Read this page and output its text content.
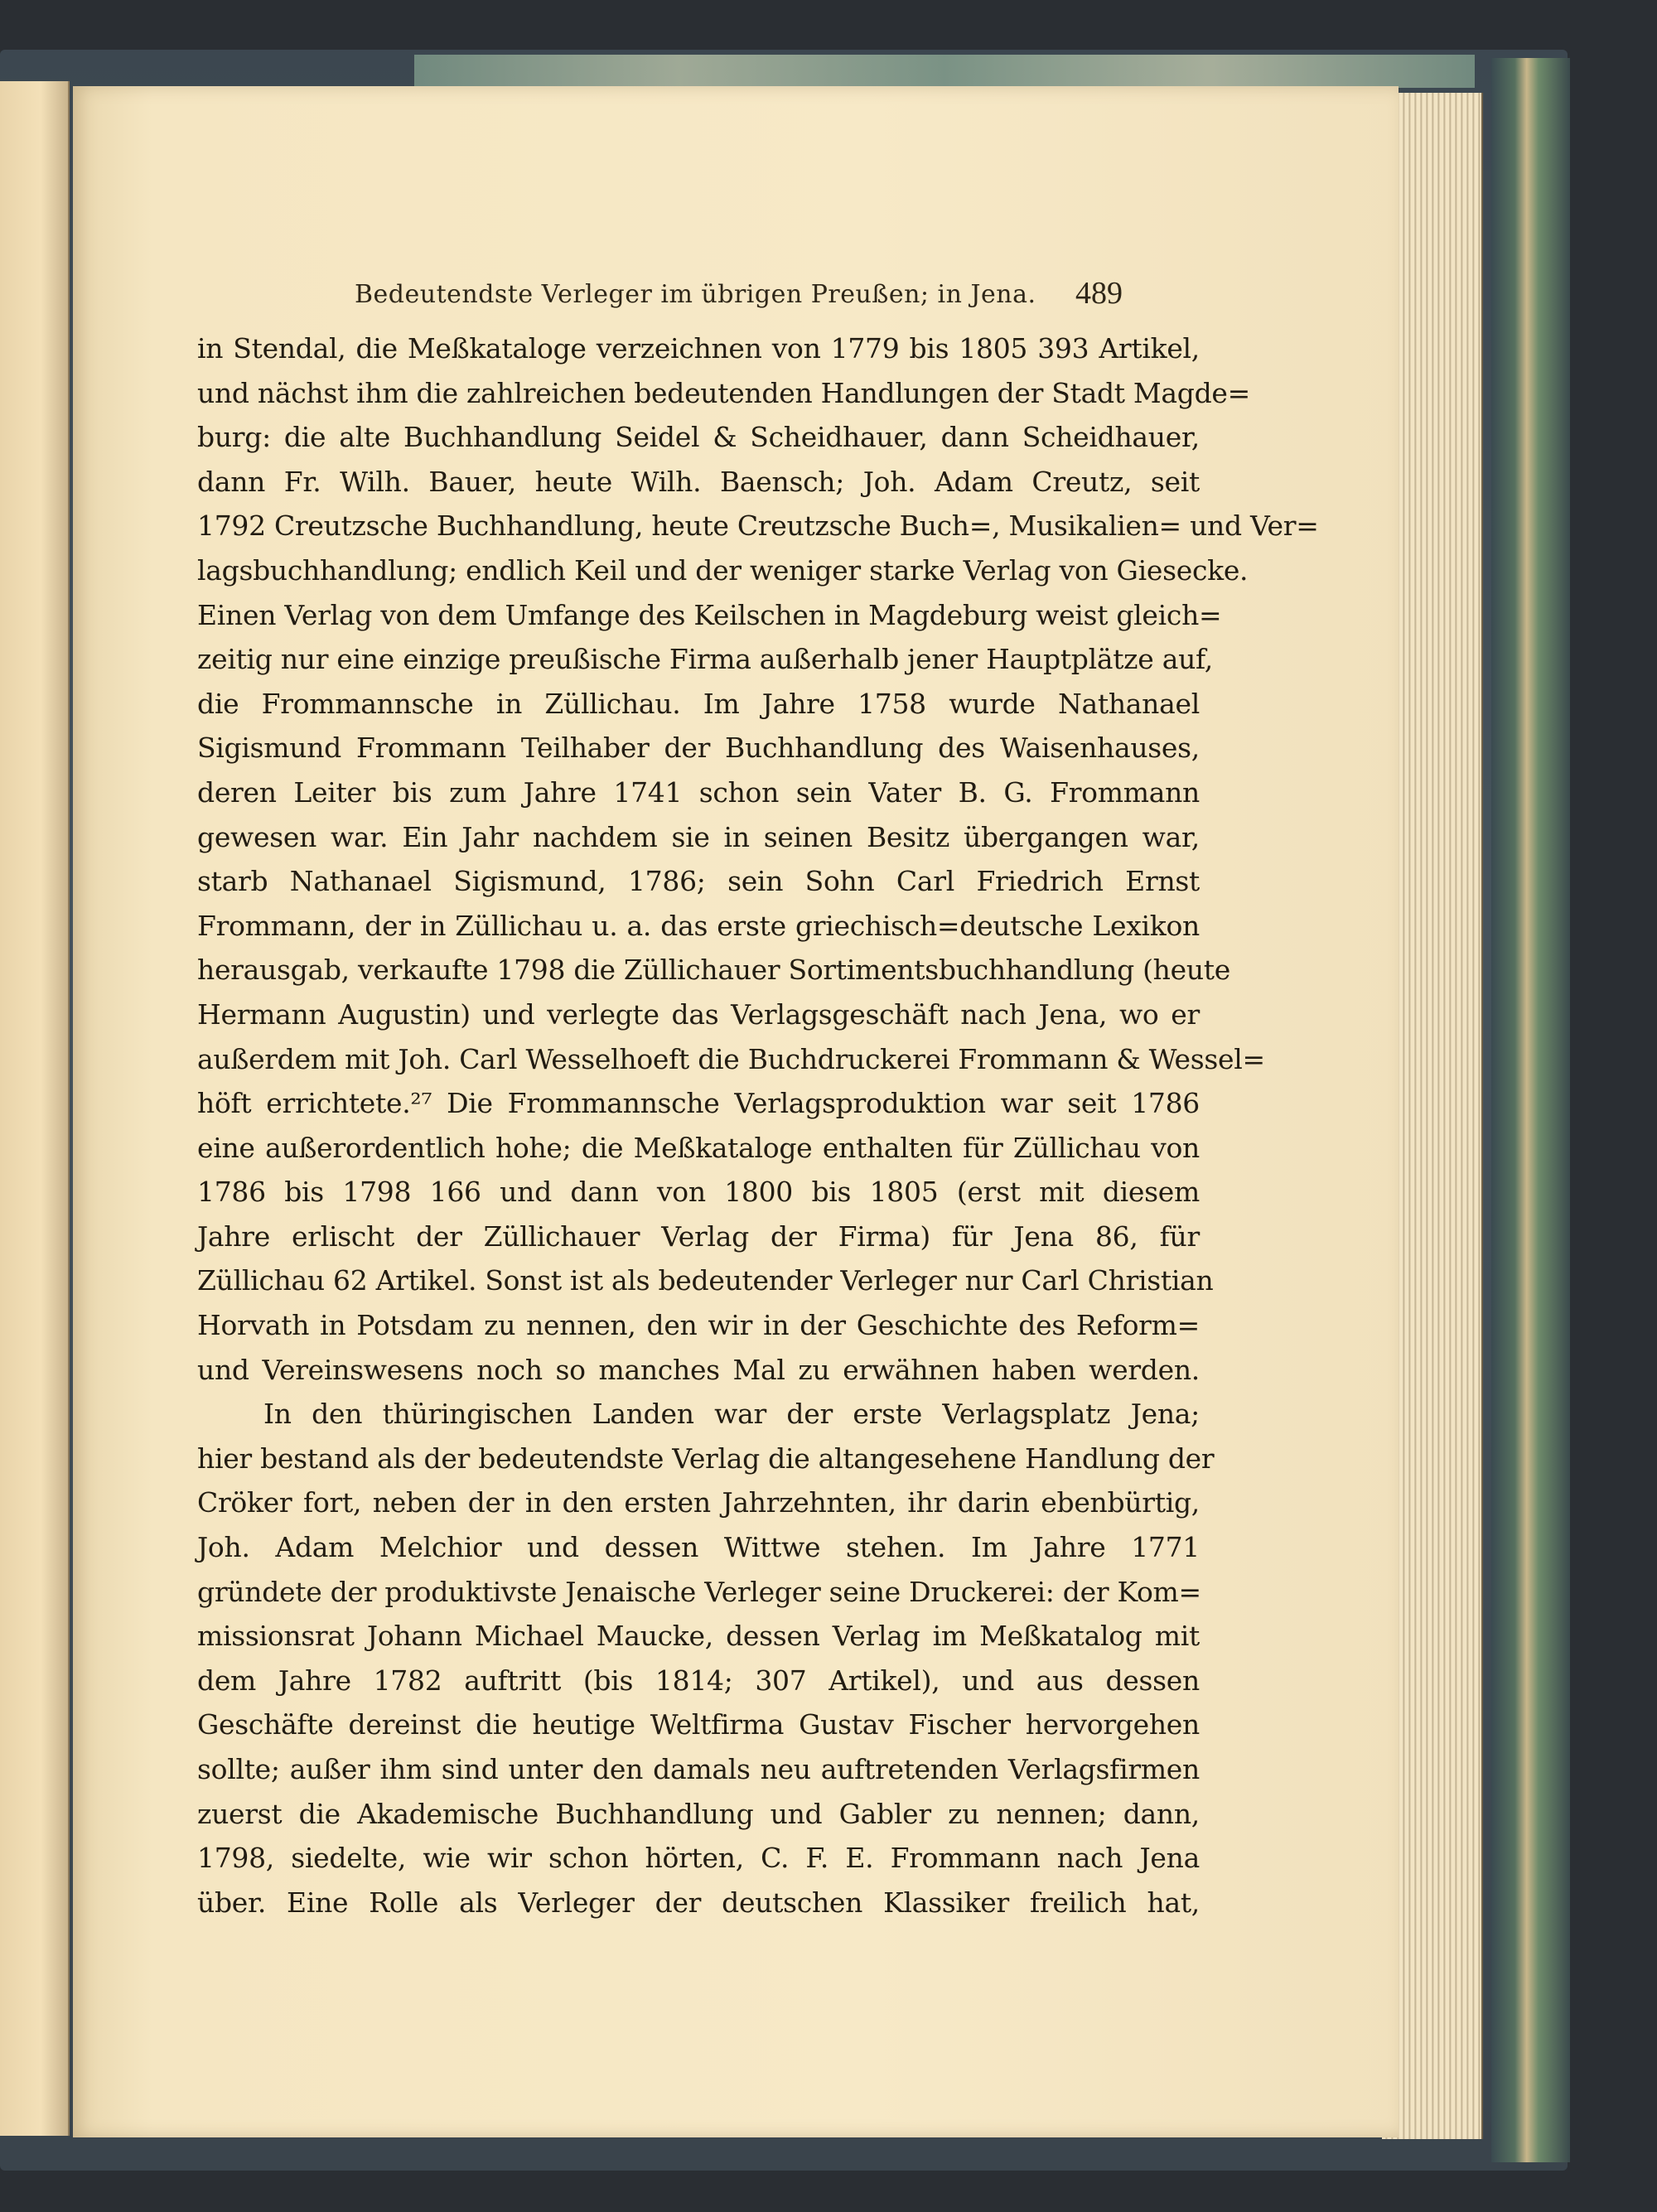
Bedeutendste Verleger im übrigen Preußen; in Jena. 489
in Stendal, die Meßkataloge verzeichnen von 1779 bis 1805 393 Artikel,
und nächst ihm die zahlreichen bedeutenden Handlungen der Stadt Magde=
burg: die alte Buchhandlung Seidel & Scheidhauer, dann Scheidhauer,
dann Fr. Wilh. Bauer, heute Wilh. Baensch; Joh. Adam Creutz, seit
1792 Creutzsche Buchhandlung, heute Creutzsche Buch=, Musikalien= und Ver=
lagsbuchhandlung; endlich Keil und der weniger starke Verlag von Giesecke.
Einen Verlag von dem Umfange des Keilschen in Magdeburg weist gleich=
zeitig nur eine einzige preußische Firma außerhalb jener Hauptplätze auf,
die Frommannsche in Züllichau. Im Jahre 1758 wurde Nathanael
Sigismund Frommann Teilhaber der Buchhandlung des Waisenhauses,
deren Leiter bis zum Jahre 1741 schon sein Vater B. G. Frommann
gewesen war. Ein Jahr nachdem sie in seinen Besitz übergangen war,
starb Nathanael Sigismund, 1786; sein Sohn Carl Friedrich Ernst
Frommann, der in Züllichau u. a. das erste griechisch=deutsche Lexikon
herausgab, verkaufte 1798 die Züllichauer Sortimentsbuchhandlung (heute
Hermann Augustin) und verlegte das Verlagsgeschäft nach Jena, wo er
außerdem mit Joh. Carl Wesselhoeft die Buchdruckerei Frommann & Wessel=
höft errichtete.²⁷ Die Frommannsche Verlagsproduktion war seit 1786
eine außerordentlich hohe; die Meßkataloge enthalten für Züllichau von
1786 bis 1798 166 und dann von 1800 bis 1805 (erst mit diesem
Jahre erlischt der Züllichauer Verlag der Firma) für Jena 86, für
Züllichau 62 Artikel. Sonst ist als bedeutender Verleger nur Carl Christian
Horvath in Potsdam zu nennen, den wir in der Geschichte des Reform=
und Vereinswesens noch so manches Mal zu erwähnen haben werden.
In den thüringischen Landen war der erste Verlagsplatz Jena;
hier bestand als der bedeutendste Verlag die altangesehene Handlung der
Cröker fort, neben der in den ersten Jahrzehnten, ihr darin ebenbürtig,
Joh. Adam Melchior und dessen Wittwe stehen. Im Jahre 1771
gründete der produktivste Jenaische Verleger seine Druckerei: der Kom=
missionsrat Johann Michael Maucke, dessen Verlag im Meßkatalog mit
dem Jahre 1782 auftritt (bis 1814; 307 Artikel), und aus dessen
Geschäfte dereinst die heutige Weltfirma Gustav Fischer hervorgehen
sollte; außer ihm sind unter den damals neu auftretenden Verlagsfirmen
zuerst die Akademische Buchhandlung und Gabler zu nennen; dann,
1798, siedelte, wie wir schon hörten, C. F. E. Frommann nach Jena
über. Eine Rolle als Verleger der deutschen Klassiker freilich hat,
